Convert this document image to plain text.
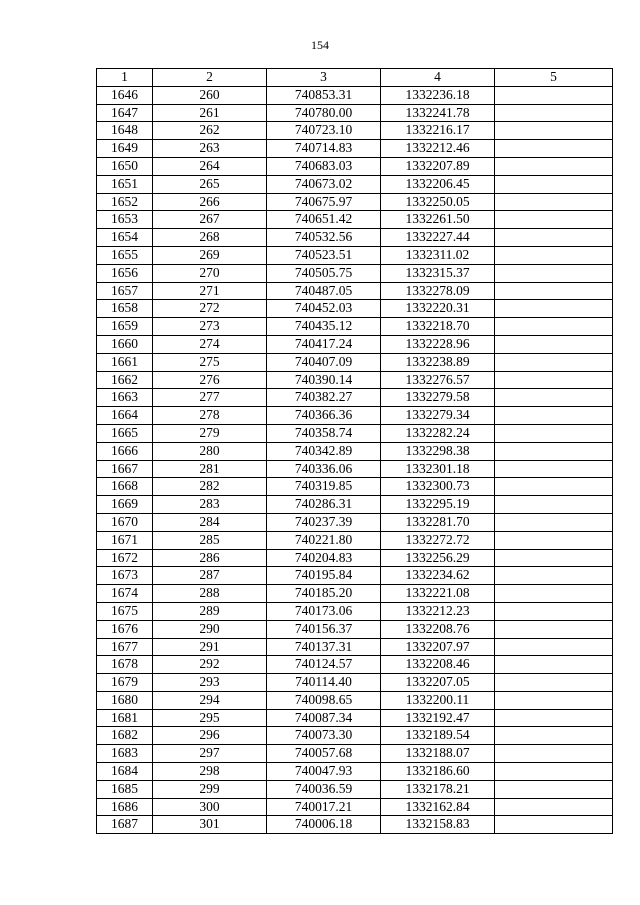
154
1	2	3	4	5
1646	260	740853.31	1332236.18	
1647	261	740780.00	1332241.78	
1648	262	740723.10	1332216.17	
1649	263	740714.83	1332212.46	
1650	264	740683.03	1332207.89	
1651	265	740673.02	1332206.45	
1652	266	740675.97	1332250.05	
1653	267	740651.42	1332261.50	
1654	268	740532.56	1332227.44	
1655	269	740523.51	1332311.02	
1656	270	740505.75	1332315.37	
1657	271	740487.05	1332278.09	
1658	272	740452.03	1332220.31	
1659	273	740435.12	1332218.70	
1660	274	740417.24	1332228.96	
1661	275	740407.09	1332238.89	
1662	276	740390.14	1332276.57	
1663	277	740382.27	1332279.58	
1664	278	740366.36	1332279.34	
1665	279	740358.74	1332282.24	
1666	280	740342.89	1332298.38	
1667	281	740336.06	1332301.18	
1668	282	740319.85	1332300.73	
1669	283	740286.31	1332295.19	
1670	284	740237.39	1332281.70	
1671	285	740221.80	1332272.72	
1672	286	740204.83	1332256.29	
1673	287	740195.84	1332234.62	
1674	288	740185.20	1332221.08	
1675	289	740173.06	1332212.23	
1676	290	740156.37	1332208.76	
1677	291	740137.31	1332207.97	
1678	292	740124.57	1332208.46	
1679	293	740114.40	1332207.05	
1680	294	740098.65	1332200.11	
1681	295	740087.34	1332192.47	
1682	296	740073.30	1332189.54	
1683	297	740057.68	1332188.07	
1684	298	740047.93	1332186.60	
1685	299	740036.59	1332178.21	
1686	300	740017.21	1332162.84	
1687	301	740006.18	1332158.83	
